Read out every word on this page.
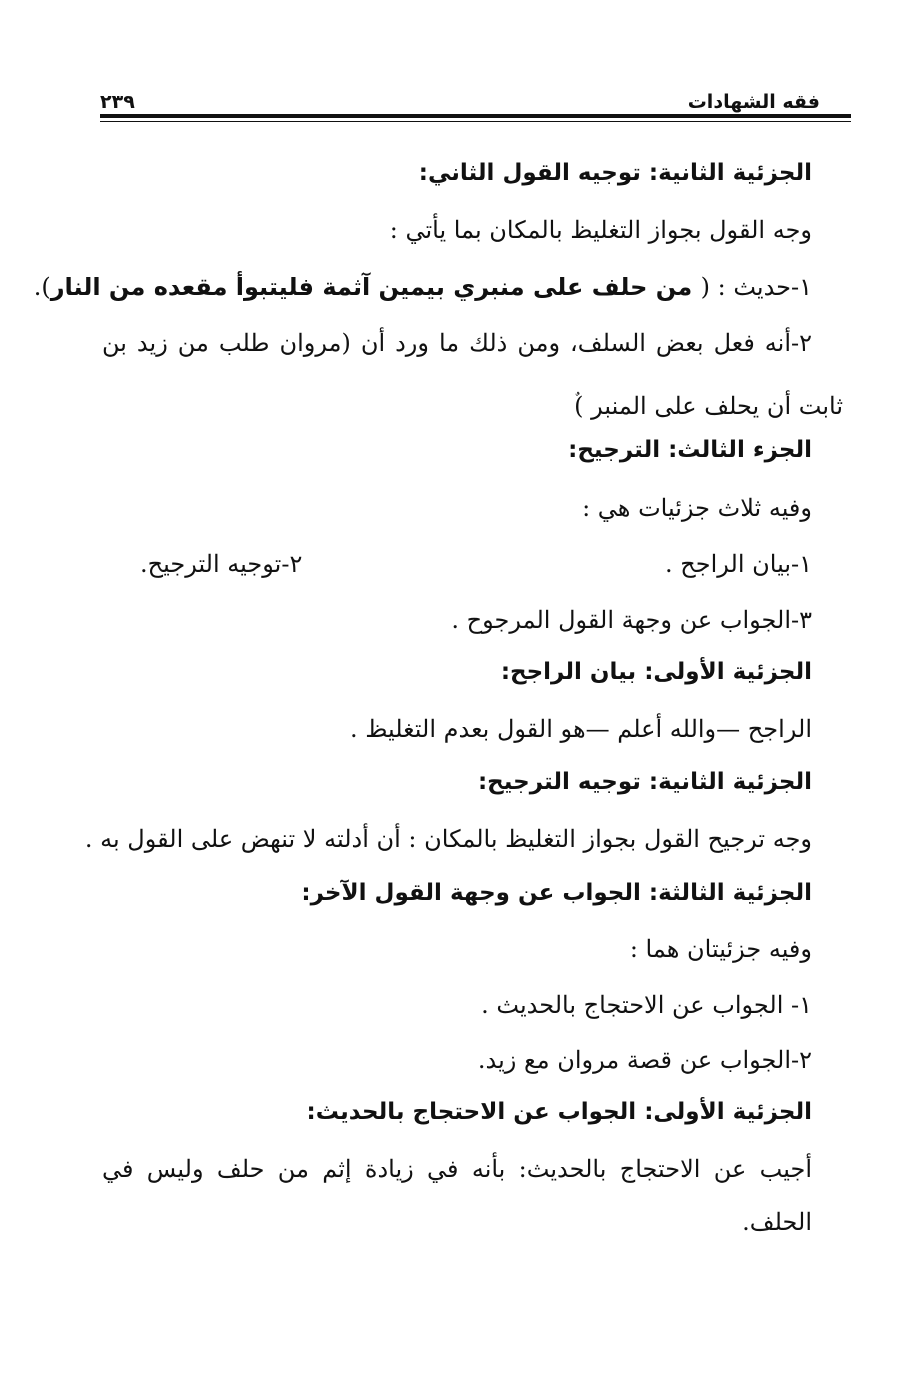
فقه الشهادات
٢٣٩
الجزئية الثانية: توجيه القول الثاني:
وجه القول بجواز التغليظ بالمكان بما يأتي :
١-حديث : ( من حلف على منبري بيمين آثمة فليتبوأ مقعده من النار).
٢-أنه فعل بعض السلف، ومن ذلك ما ورد أن (مروان طلب من زيد بن
ثابت أن يحلف على المنبر )
الجزء الثالث: الترجيح:
وفيه ثلاث جزئيات هي :
١-بيان الراجح .
٢-توجيه الترجيح.
٣-الجواب عن وجهة القول المرجوح .
الجزئية الأولى: بيان الراجح:
الراجح —والله أعلم —هو القول بعدم التغليظ .
الجزئية الثانية: توجيه الترجيح:
وجه ترجيح القول بجواز التغليظ بالمكان : أن أدلته لا تنهض على القول به .
الجزئية الثالثة: الجواب عن وجهة القول الآخر:
وفيه جزئيتان هما :
١- الجواب عن الاحتجاج بالحديث .
٢-الجواب عن قصة مروان مع زيد.
الجزئية الأولى: الجواب عن الاحتجاج بالحديث:
أجيب عن الاحتجاج بالحديث: بأنه في زيادة إثم من حلف وليس في
الحلف.
